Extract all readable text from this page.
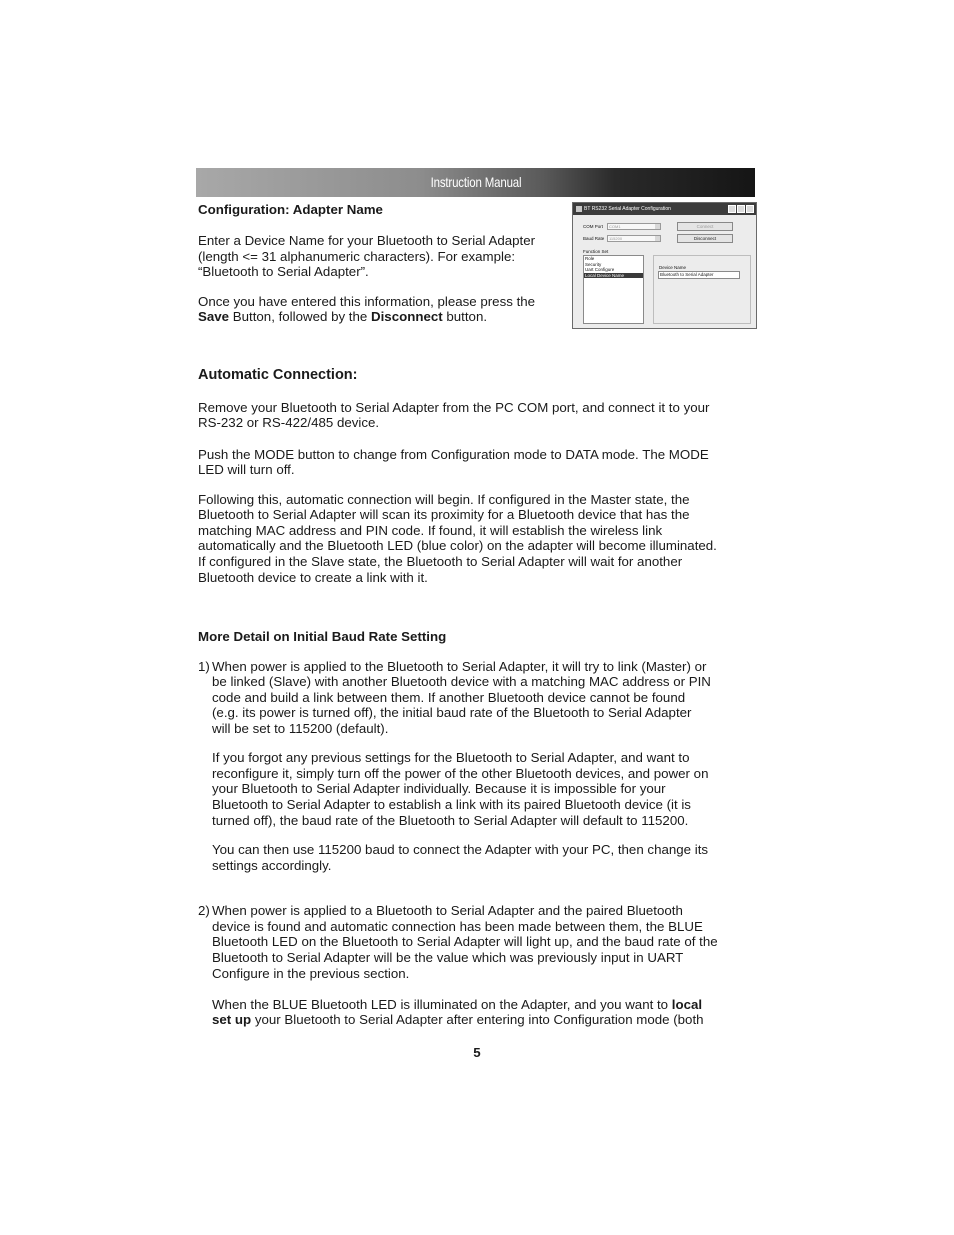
Instruction Manual
Configuration: Adapter Name
Enter a Device Name for your Bluetooth to Serial Adapter
(length <= 31 alphanumeric characters). For example:
“Bluetooth to Serial Adapter”.
Once you have entered this information, please press the
Save Button, followed by the Disconnect button.
BT RS232 Serial Adapter Configuration
COM Port	COM1
Baud Rate	115200
Connect
Disconnect
Function Set
Device Name
Bluetooth to Serial Adapter
Role
Security
Uart Configure
Local Device Name
Automatic Connection:
Remove your Bluetooth to Serial Adapter from the PC COM port, and connect it to your
RS-232 or RS-422/485 device.
Push the MODE button to change from Configuration mode to DATA mode. The MODE
LED will turn off.
Following this, automatic connection will begin. If configured in the Master state, the
Bluetooth to Serial Adapter will scan its proximity for a Bluetooth device that has the
matching MAC address and PIN code. If found, it will establish the wireless link
automatically and the Bluetooth LED (blue color) on the adapter will become illuminated.
If configured in the Slave state, the Bluetooth to Serial Adapter will wait for another
Bluetooth device to create a link with it.
More Detail on Initial Baud Rate Setting
1) When power is applied to the Bluetooth to Serial Adapter, it will try to link (Master) or
be linked (Slave) with another Bluetooth device with a matching MAC address or PIN
code and build a link between them. If another Bluetooth device cannot be found
(e.g. its power is turned off), the initial baud rate of the Bluetooth to Serial Adapter
will be set to 115200 (default).
If you forgot any previous settings for the Bluetooth to Serial Adapter, and want to
reconfigure it, simply turn off the power of the other Bluetooth devices, and power on
your Bluetooth to Serial Adapter individually. Because it is impossible for your
Bluetooth to Serial Adapter to establish a link with its paired Bluetooth device (it is
turned off), the baud rate of the Bluetooth to Serial Adapter will default to 115200.
You can then use 115200 baud to connect the Adapter with your PC, then change its
settings accordingly.
2) When power is applied to a Bluetooth to Serial Adapter and the paired Bluetooth
device is found and automatic connection has been made between them, the BLUE
Bluetooth LED on the Bluetooth to Serial Adapter will light up, and the baud rate of the
Bluetooth to Serial Adapter will be the value which was previously input in UART
Configure in the previous section.
When the BLUE Bluetooth LED is illuminated on the Adapter, and you want to local
set up your Bluetooth to Serial Adapter after entering into Configuration mode (both
5
